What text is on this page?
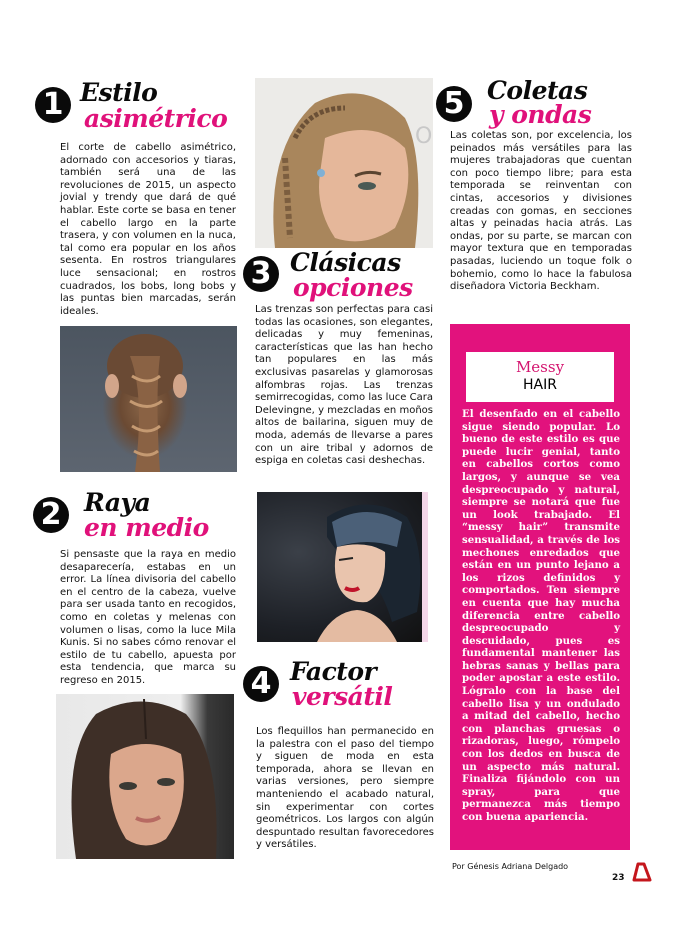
1 Estilo
asimétrico
El corte de cabello asimétrico, adornado con accesorios y tiaras, también será una de las revoluciones de 2015, un aspecto jovial y trendy que dará de qué hablar. Este corte se basa en tener el cabello largo en la parte trasera, y con volumen en la nuca, tal como era popular en los años sesenta. En rostros triangulares luce sensacional; en rostros cuadrados, los bobs, long bobs y las puntas bien marcadas, serán ideales.
O
3 Clásicas
opciones
Las trenzas son perfectas para casi todas las ocasiones, son elegantes, delicadas y muy femeninas, características que las han hecho tan populares en las más exclusivas pasarelas y glamorosas alfombras rojas. Las trenzas semirrecogidas, como las luce Cara Delevingne, y mezcladas en moños altos de bailarina, siguen muy de moda, además de llevarse a pares con un aire tribal y adornos de espiga en coletas casi deshechas.
5 Coletas
y ondas
Las coletas son, por excelencia, los peinados más versátiles para las mujeres trabajadoras que cuentan con poco tiempo libre; para esta temporada se reinventan con cintas, accesorios y divisiones creadas con gomas, en secciones altas y peinadas hacia atrás. Las ondas, por su parte, se marcan con mayor textura que en temporadas pasadas, luciendo un toque folk o bohemio, como lo hace la fabulosa diseñadora Victoria Beckham.
Messy
HAIR
El desenfado en el cabello sigue siendo popular. Lo bueno de este estilo es que puede lucir genial, tanto en cabellos cortos como largos, y aunque se vea despreocupado y natural, siempre se notará que fue un look trabajado. El “messy hair” transmite sensualidad, a través de los mechones enredados que están en un punto lejano a los rizos definidos y comportados. Ten siempre en cuenta que hay mucha diferencia entre cabello despreocupado y descuidado, pues es fundamental mantener las hebras sanas y bellas para poder apostar a este estilo. Lógralo con la base del cabello lisa y un ondulado a mitad del cabello, hecho con planchas gruesas o rizadoras, luego, rómpelo con los dedos en busca de un aspecto más natural. Finaliza fijándolo con un spray, para que permanezca más tiempo con buena apariencia.
2 Raya
en medio
Si pensaste que la raya en medio desaparecería, estabas en un error. La línea divisoria del cabello en el centro de la cabeza, vuelve para ser usada tanto en recogidos, como en coletas y melenas con volumen o lisas, como la luce Mila Kunis. Si no sabes cómo renovar el estilo de tu cabello, apuesta por esta tendencia, que marca su regreso en 2015.	4 Factor
versátil
Los flequillos han permanecido en la palestra con el paso del tiempo y siguen de moda en esta temporada, ahora se llevan en varias versiones, pero siempre manteniendo el acabado natural, sin experimentar con cortes geométricos. Los largos con algún despuntado resultan favorecedores y versátiles.
Por Génesis Adriana Delgado
23
